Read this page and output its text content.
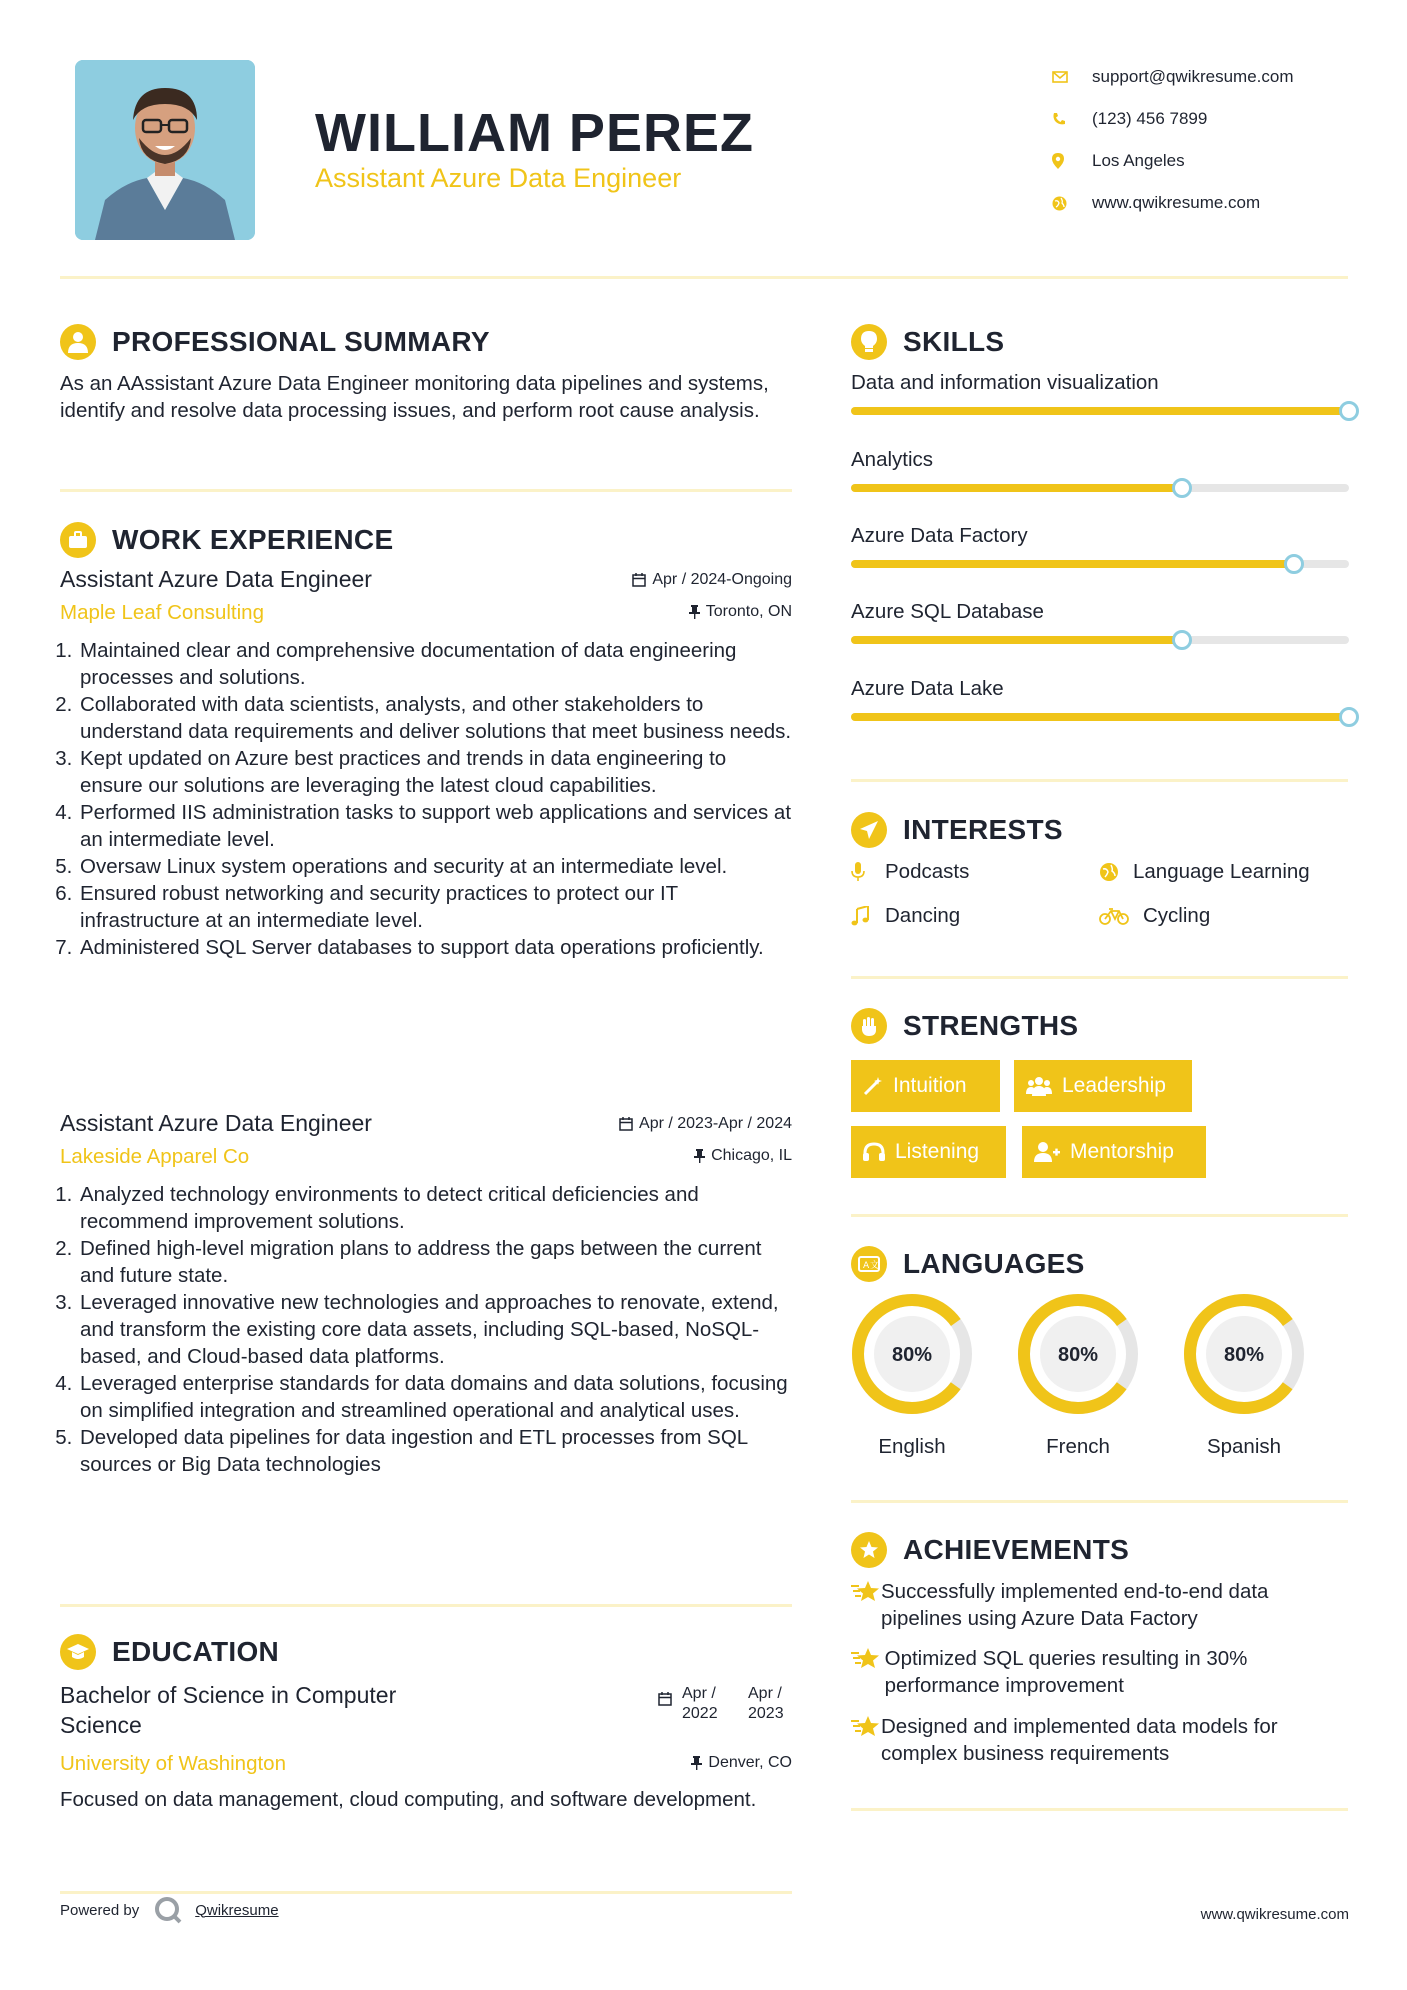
WILLIAM PEREZ
Assistant Azure Data Engineer
support@qwikresume.com
(123) 456 7899
Los Angeles
www.qwikresume.com
PROFESSIONAL SUMMARY
As an AAssistant Azure Data Engineer monitoring data pipelines and systems, identify and resolve data processing issues, and perform root cause analysis.
WORK EXPERIENCE
Assistant Azure Data Engineer	Apr / 2024-Ongoing
Maple Leaf Consulting	Toronto, ON
1. Maintained clear and comprehensive documentation of data engineering processes and solutions.
2. Collaborated with data scientists, analysts, and other stakeholders to understand data requirements and deliver solutions that meet business needs.
3. Kept updated on Azure best practices and trends in data engineering to ensure our solutions are leveraging the latest cloud capabilities.
4. Performed IIS administration tasks to support web applications and services at an intermediate level.
5. Oversaw Linux system operations and security at an intermediate level.
6. Ensured robust networking and security practices to protect our IT infrastructure at an intermediate level.
7. Administered SQL Server databases to support data operations proficiently.
Assistant Azure Data Engineer	Apr / 2023-Apr / 2024
Lakeside Apparel Co	Chicago, IL
1. Analyzed technology environments to detect critical deficiencies and recommend improvement solutions.
2. Defined high-level migration plans to address the gaps between the current and future state.
3. Leveraged innovative new technologies and approaches to renovate, extend, and transform the existing core data assets, including SQL-based, NoSQL-based, and Cloud-based data platforms.
4. Leveraged enterprise standards for data domains and data solutions, focusing on simplified integration and streamlined operational and analytical uses.
5. Developed data pipelines for data ingestion and ETL processes from SQL sources or Big Data technologies
EDUCATION
Bachelor of Science in Computer Science
Apr /
2022
Apr /
2023
University of Washington	Denver, CO
Focused on data management, cloud computing, and software development.
SKILLS
Data and information visualization
Analytics
Azure Data Factory
Azure SQL Database
Azure Data Lake
INTERESTS
Podcasts	Language Learning
Dancing	Cycling
STRENGTHS
Intuition	Leadership
Listening	Mentorship
A 文 LANGUAGES
80%
English
80%
French
80%
Spanish
ACHIEVEMENTS
Successfully implemented end-to-end data pipelines using Azure Data Factory
Optimized SQL queries resulting in 30% performance improvement
Designed and implemented data models for complex business requirements
Powered by	Qwikresume	www.qwikresume.com
